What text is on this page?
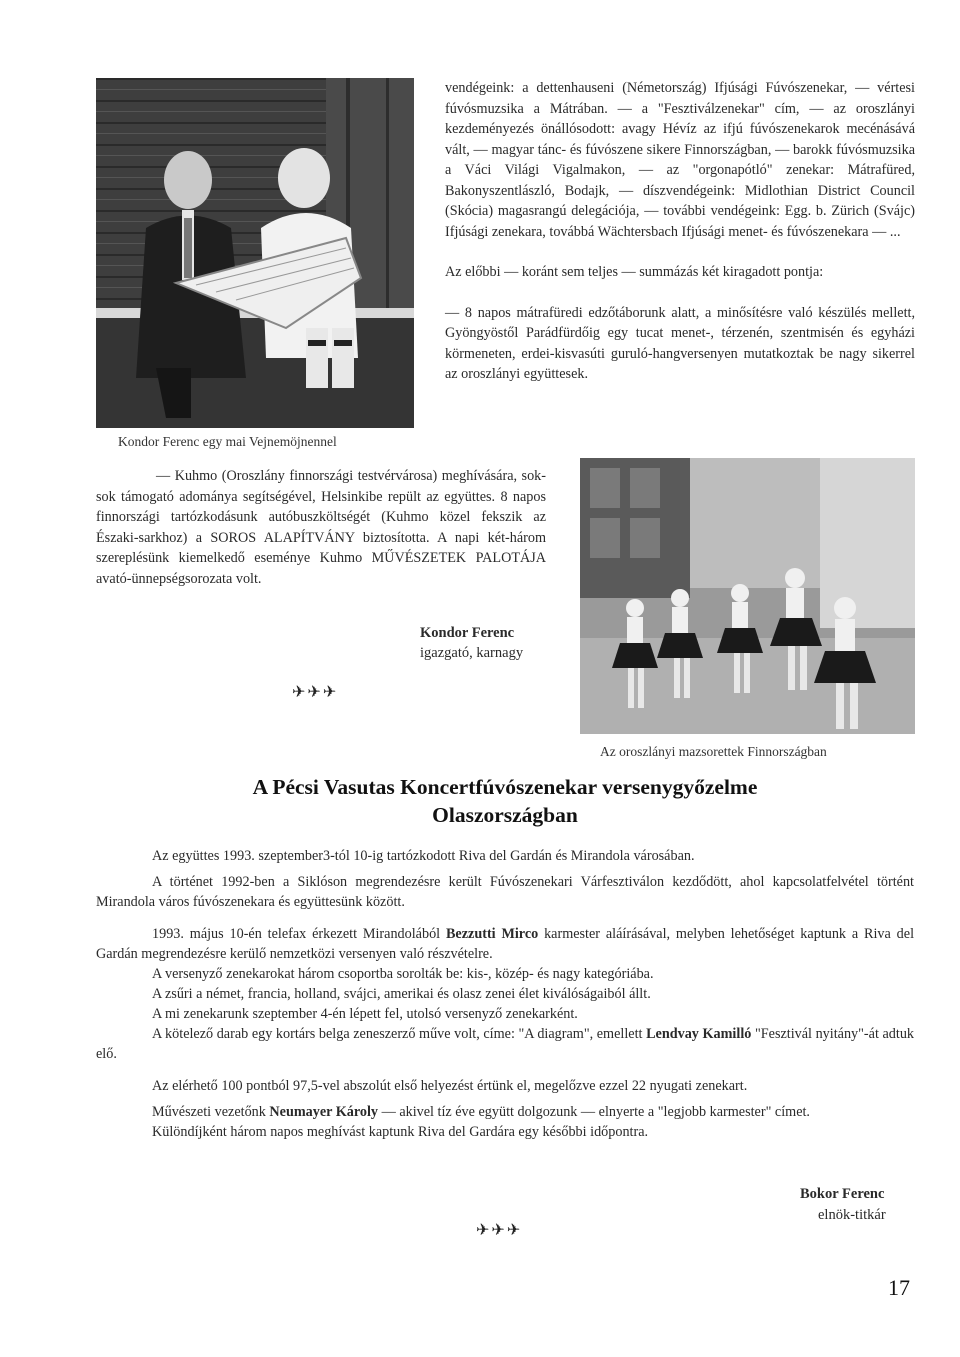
Kondor Ferenc egy mai Vejnemöjnennel

vendégeink: a dettenhauseni (Németország) Ifjúsági Fúvószenekar, — vértesi fúvósmuzsika a Mátrában. — a "Fesztiválzenekar" cím, — az oroszlányi kezdeményezés önállósodott: avagy Hévíz az ifjú fúvószenekarok mecénásává vált, — magyar tánc- és fúvószene sikere Finnországban, — barokk fúvósmuzsika a Váci Világi Vigalmakon, — az "orgonapótló" zenekar: Mátrafüred, Bakonyszentlászló, Bodajk, — díszvendégeink: Midlothian District Council (Skócia) magasrangú delegációja, — további vendégeink: Egg. b. Zürich (Svájc) Ifjúsági zenekara, továbbá Wächtersbach Ifjúsági menet- és fúvószenekara — ...

Az előbbi — koránt sem teljes — summázás két kiragadott pontja:

— 8 napos mátrafüredi edzőtáborunk alatt, a minősítésre való készülés mellett, Gyöngyöstől Parádfürdőig egy tucat menet-, térzenén, szentmisén és egyházi körmeneten, erdei-kisvasúti guruló-hangversenyen mutatkoztak be nagy sikerrel az oroszlányi együttesek.

— Kuhmo (Oroszlány finnországi testvérvárosa) meghívására, sok-sok támogató adománya segítségével, Helsinkibe repült az együttes. 8 napos finnországi tartózkodásunk autóbuszköltségét (Kuhmo közel fekszik az Északi-sarkhoz) a SOROS ALAPÍTVÁNY biztosította. A napi két-három szereplésünk kiemelkedő eseménye Kuhmo MŰVÉSZETEK PALOTÁJA avató-ünnepségsorozata volt.
Kondor Ferenc
igazgató, karnagy
✈✈✈
Az oroszlányi mazsorettek Finnországban
A Pécsi Vasutas Koncertfúvószenekar versenygyőzelme
Olaszországban

Az együttes 1993. szeptember3-tól 10-ig tartózkodott Riva del Gardán és Mirandola városában.

A történet 1992-ben a Siklóson megrendezésre került Fúvószenekari Várfesztiválon kezdődött, ahol kapcsolatfelvétel történt Mirandola város fúvószenekara és együttesünk között.

1993. május 10-én telefax érkezett Mirandolából Bezzutti Mirco karmester aláírásával, melyben lehetőséget kaptunk a Riva del Gardán megrendezésre kerülő nemzetközi versenyen való részvételre.

A versenyző zenekarokat három csoportba sorolták be: kis-, közép- és nagy kategóriába.

A zsűri a német, francia, holland, svájci, amerikai és olasz zenei élet kiválóságaiból állt.

A mi zenekarunk szeptember 4-én lépett fel, utolsó versenyző zenekarként.

A kötelező darab egy kortárs belga zeneszerző műve volt, címe: "A diagram", emellett Lendvay Kamilló "Fesztivál nyitány"-át adtuk elő.

Az elérhető 100 pontból 97,5-vel abszolút első helyezést értünk el, megelőzve ezzel 22 nyugati zenekart.

Művészeti vezetőnk Neumayer Károly — akivel tíz éve együtt dolgozunk — elnyerte a "legjobb karmester" címet.

Különdíjként három napos meghívást kaptunk Riva del Gardára egy későbbi időpontra.

Bokor Ferenc
elnök-titkár
✈✈✈
17
